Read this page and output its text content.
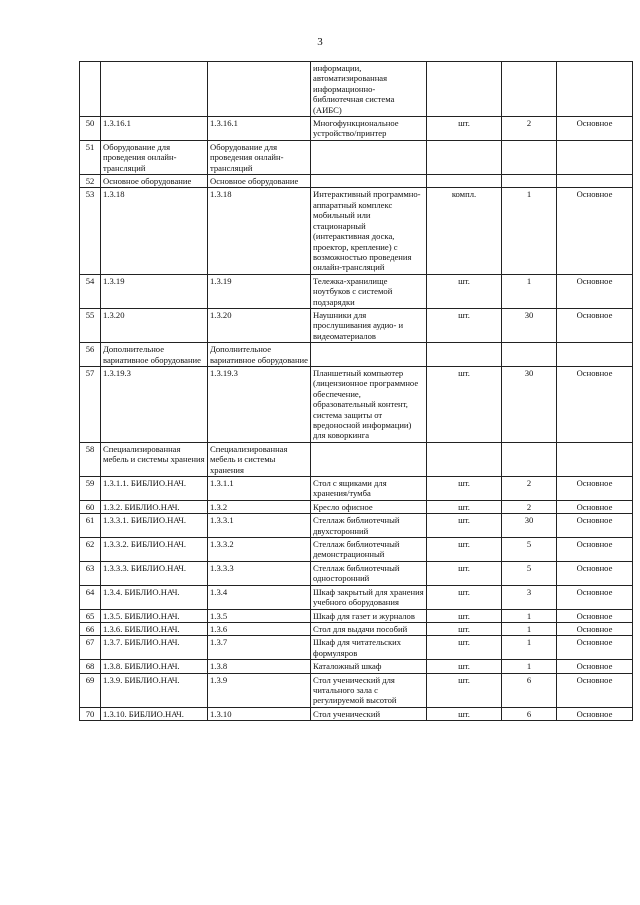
3
			информации, автоматизированная информационно-библиотечная система (АИБС)			
50	1.3.16.1	1.3.16.1	Многофункциональное устройство/принтер	шт.	2	Основное
51	Оборудование для проведения онлайн-трансляций	Оборудование для проведения онлайн-трансляций				
52	Основное оборудование	Основное оборудование				
53	1.3.18	1.3.18	Интерактивный программно-аппаратный комплекс мобильный или стационарный (интерактивная доска, проектор, крепление) с возможностью проведения онлайн-трансляций	компл.	1	Основное
54	1.3.19	1.3.19	Тележка-хранилище ноутбуков с системой подзарядки	шт.	1	Основное
55	1.3.20	1.3.20	Наушники для прослушивания аудио- и видеоматериалов	шт.	30	Основное
56	Дополнительное вариативное оборудование	Дополнительное вариативное оборудование				
57	1.3.19.3	1.3.19.3	Планшетный компьютер (лицензионное программное обеспечение, образовательный контент, система защиты от вредоносной информации) для коворкинга	шт.	30	Основное
58	Специализированная мебель и системы хранения	Специализированная мебель и системы хранения				
59	1.3.1.1. БИБЛИО.НАЧ.	1.3.1.1	Стол с ящиками для хранения/тумба	шт.	2	Основное
60	1.3.2. БИБЛИО.НАЧ.	1.3.2	Кресло офисное	шт.	2	Основное
61	1.3.3.1. БИБЛИО.НАЧ.	1.3.3.1	Стеллаж библиотечный двухсторонний	шт.	30	Основное
62	1.3.3.2. БИБЛИО.НАЧ.	1.3.3.2	Стеллаж библиотечный демонстрационный	шт.	5	Основное
63	1.3.3.3. БИБЛИО.НАЧ.	1.3.3.3	Стеллаж библиотечный односторонний	шт.	5	Основное
64	1.3.4. БИБЛИО.НАЧ.	1.3.4	Шкаф закрытый для хранения учебного оборудования	шт.	3	Основное
65	1.3.5. БИБЛИО.НАЧ.	1.3.5	Шкаф для газет и журналов	шт.	1	Основное
66	1.3.6. БИБЛИО.НАЧ.	1.3.6	Стол для выдачи пособий	шт.	1	Основное
67	1.3.7. БИБЛИО.НАЧ.	1.3.7	Шкаф для читательских формуляров	шт.	1	Основное
68	1.3.8. БИБЛИО.НАЧ.	1.3.8	Каталожный шкаф	шт.	1	Основное
69	1.3.9. БИБЛИО.НАЧ.	1.3.9	Стол ученический для читального зала с регулируемой высотой	шт.	6	Основное
70	1.3.10. БИБЛИО.НАЧ.	1.3.10	Стол ученический	шт.	6	Основное
